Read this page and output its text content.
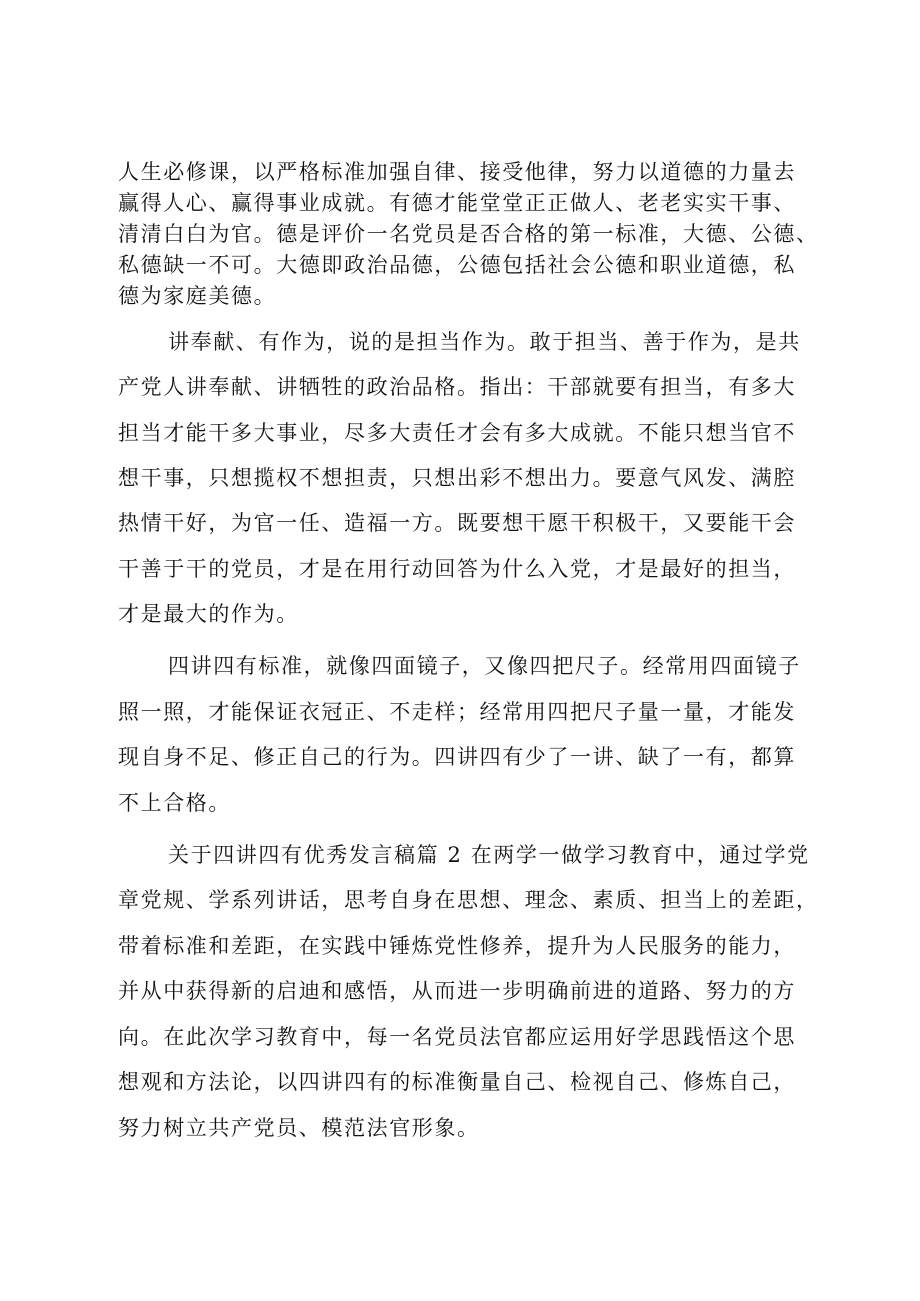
人生必修课，以严格标准加强自律、接受他律，努力以道德的力量去
赢得人心、赢得事业成就。有德才能堂堂正正做人、老老实实干事、
清清白白为官。德是评价一名党员是否合格的第一标准，大德、公德、
私德缺一不可。大德即政治品德，公德包括社会公德和职业道德，私
德为家庭美德。
讲奉献、有作为，说的是担当作为。敢于担当、善于作为，是共
产党人讲奉献、讲牺牲的政治品格。指出：干部就要有担当，有多大
担当才能干多大事业，尽多大责任才会有多大成就。不能只想当官不
想干事，只想揽权不想担责，只想出彩不想出力。要意气风发、满腔
热情干好，为官一任、造福一方。既要想干愿干积极干，又要能干会
干善于干的党员，才是在用行动回答为什么入党，才是最好的担当，
才是最大的作为。
四讲四有标准，就像四面镜子，又像四把尺子。经常用四面镜子
照一照，才能保证衣冠正、不走样；经常用四把尺子量一量，才能发
现自身不足、修正自己的行为。四讲四有少了一讲、缺了一有，都算
不上合格。
关于四讲四有优秀发言稿篇 2 在两学一做学习教育中，通过学党
章党规、学系列讲话，思考自身在思想、理念、素质、担当上的差距，
带着标准和差距，在实践中锤炼党性修养，提升为人民服务的能力，
并从中获得新的启迪和感悟，从而进一步明确前进的道路、努力的方
向。在此次学习教育中，每一名党员法官都应运用好学思践悟这个思
想观和方法论，以四讲四有的标准衡量自己、检视自己、修炼自己，
努力树立共产党员、模范法官形象。
